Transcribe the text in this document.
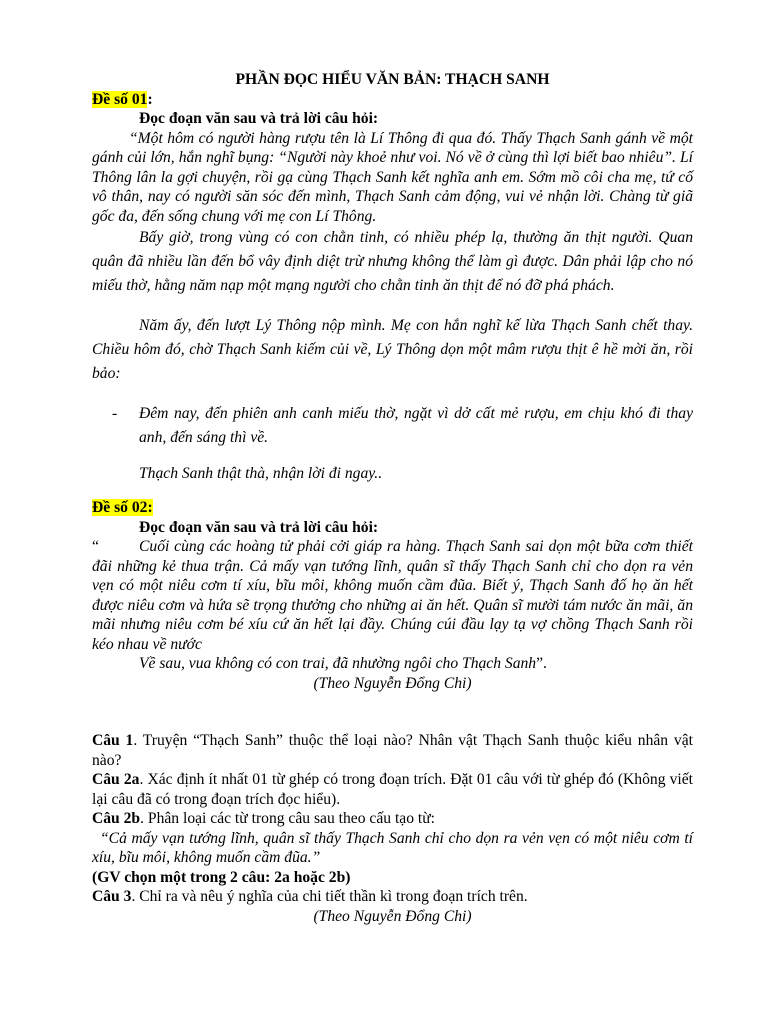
PHẦN ĐỌC HIỂU VĂN BẢN: THẠCH SANH

Đề số 01:

Đọc đoạn văn sau và trả lời câu hỏi:

“Một hôm có người hàng rượu tên là Lí Thông đi qua đó. Thấy Thạch Sanh gánh về một gánh củi lớn, hắn nghĩ bụng: “Người này khoẻ như voi. Nó về ở cùng thì lợi biết bao nhiêu”. Lí Thông lân la gợi chuyện, rồi gạ cùng Thạch Sanh kết nghĩa anh em. Sớm mồ côi cha mẹ, tứ cố vô thân, nay có người săn sóc đến mình, Thạch Sanh cảm động, vui vẻ nhận lời. Chàng từ giã gốc đa, đến sống chung với mẹ con Lí Thông.

Bấy giờ, trong vùng có con chằn tinh, có nhiều phép lạ, thường ăn thịt người. Quan quân đã nhiều lần đến bổ vây định diệt trừ nhưng không thể làm gì được. Dân phải lập cho nó miếu thờ, hằng năm nạp một mạng người cho chằn tinh ăn thịt để nó đỡ phá phách.

Năm ấy, đến lượt Lý Thông nộp mình. Mẹ con hắn nghĩ kế lừa Thạch Sanh chết thay. Chiều hôm đó, chờ Thạch Sanh kiếm củi về, Lý Thông dọn một mâm rượu thịt ê hề mời ăn, rồi bảo:

-	Đêm nay, đến phiên anh canh miếu thờ, ngặt vì dở cất mẻ rượu, em chịu khó đi thay anh, đến sáng thì về.

Thạch Sanh thật thà, nhận lời đi ngay..

Đề số 02:

Đọc đoạn văn sau và trả lời câu hỏi:

“	Cuối cùng các hoàng tử phải cởi giáp ra hàng. Thạch Sanh sai dọn một bữa cơm thiết đãi những kẻ thua trận. Cả mấy vạn tướng lĩnh, quân sĩ thấy Thạch Sanh chỉ cho dọn ra vẻn vẹn có một niêu cơm tí xíu, bĩu môi, không muốn cầm đũa. Biết ý, Thạch Sanh đố họ ăn hết được niêu cơm và hứa sẽ trọng thưởng cho những ai ăn hết. Quân sĩ mười tám nước ăn mãi, ăn mãi nhưng niêu cơm bé xíu cứ ăn hết lại đầy. Chúng cúi đầu lạy tạ vợ chồng Thạch Sanh rồi kéo nhau về nước

Về sau, vua không có con trai, đã nhường ngôi cho Thạch Sanh”.

(Theo Nguyễn Đổng Chi)

Câu 1. Truyện “Thạch Sanh” thuộc thể loại nào? Nhân vật Thạch Sanh thuộc kiểu nhân vật nào?

Câu 2a. Xác định ít nhất 01 từ ghép có trong đoạn trích. Đặt 01 câu với từ ghép đó (Không viết lại câu đã có trong đoạn trích đọc hiểu).

Câu 2b. Phân loại các từ trong câu sau theo cấu tạo từ:

“Cả mấy vạn tướng lĩnh, quân sĩ thấy Thạch Sanh chỉ cho dọn ra vẻn vẹn có một niêu cơm tí xíu, bĩu môi, không muốn cầm đũa.”

(GV chọn một trong 2 câu: 2a hoặc 2b)

Câu 3. Chỉ ra và nêu ý nghĩa của chi tiết thần kì trong đoạn trích trên.

(Theo Nguyễn Đổng Chi)
